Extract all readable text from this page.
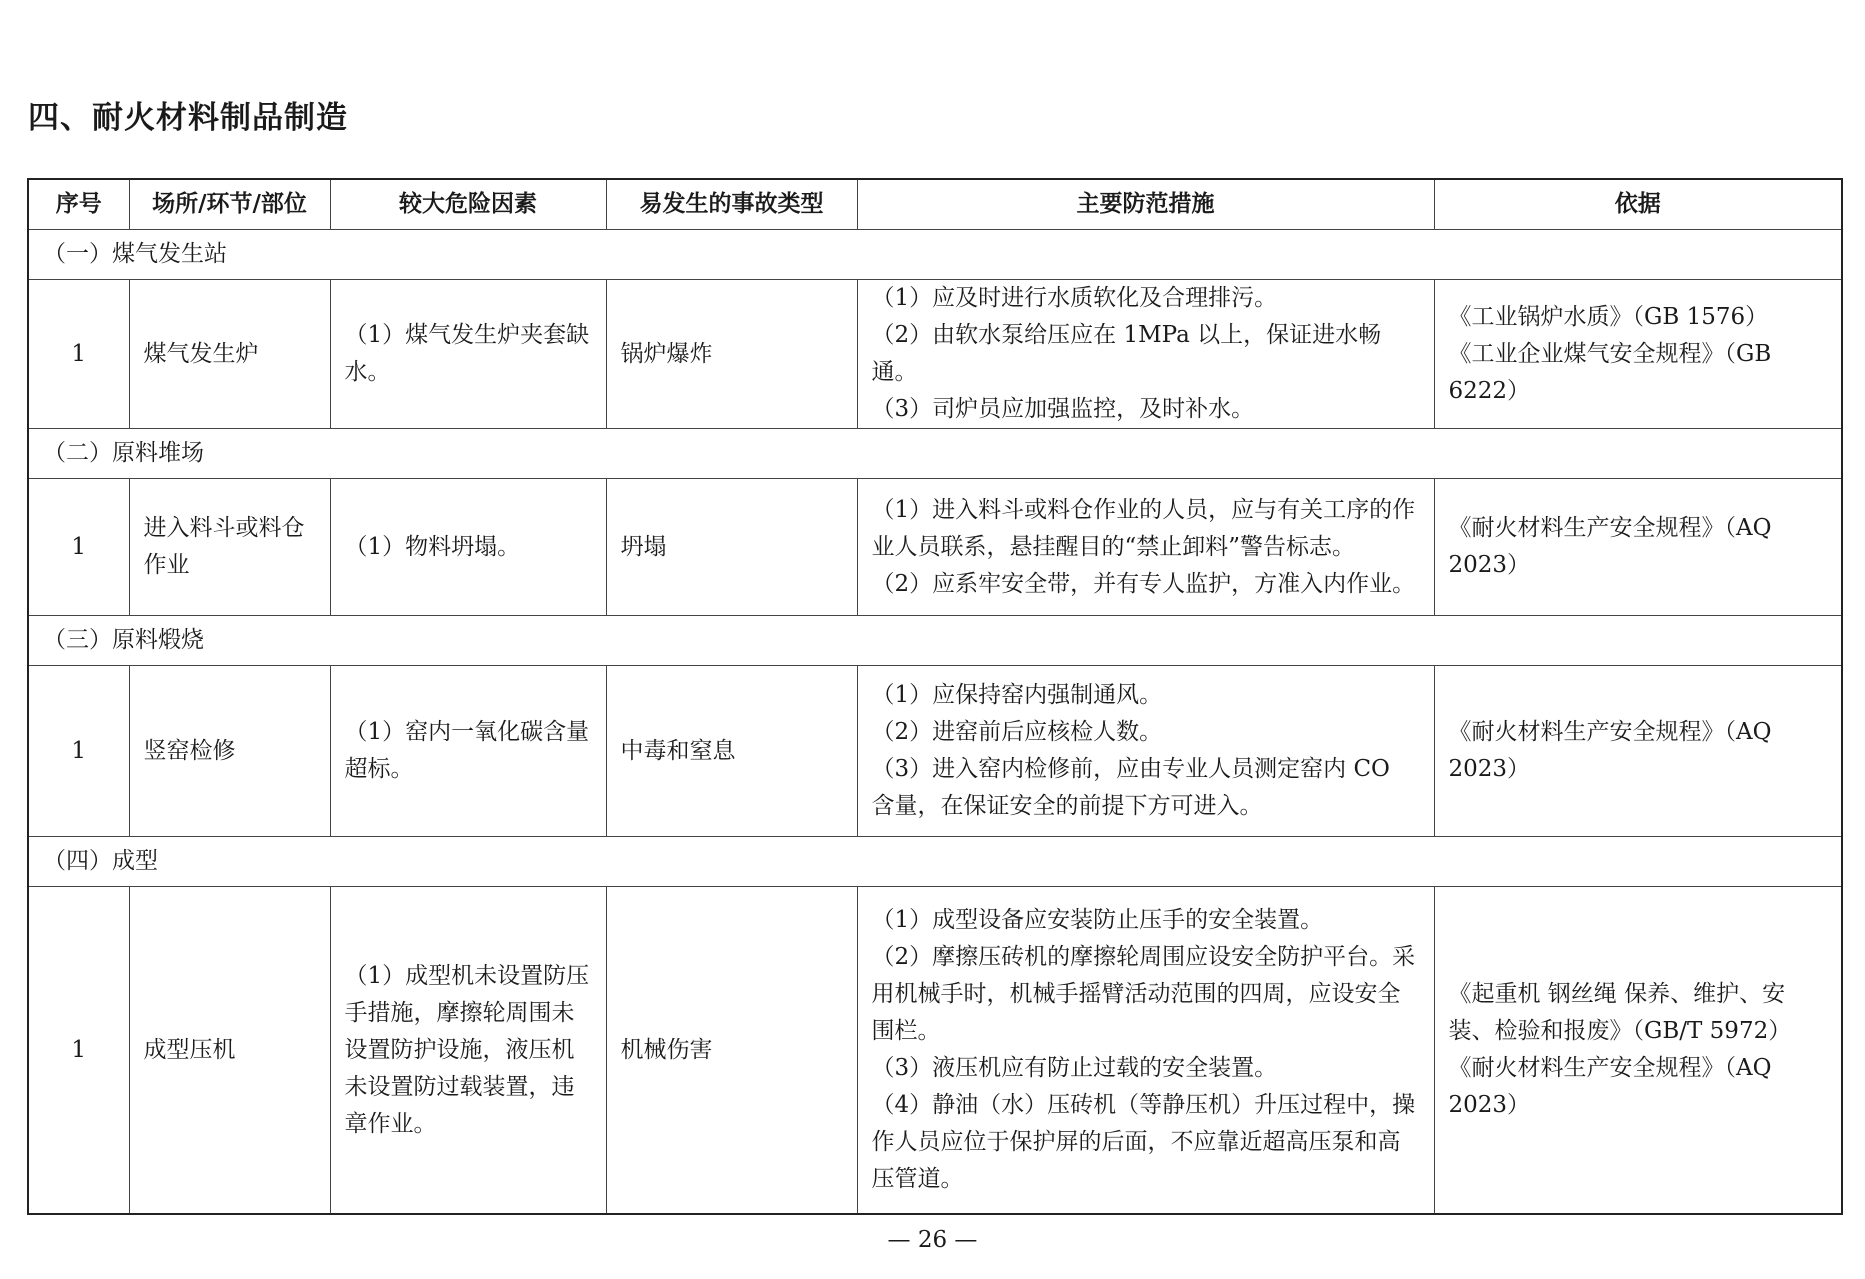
四、耐火材料制品制造
序号	场所/环节/部位	较大危险因素	易发生的事故类型	主要防范措施	依据
（一）煤气发生站					
1	煤气发生炉	（1）煤气发生炉夹套缺水。	锅炉爆炸	（1）应及时进行水质软化及合理排污。
（2）由软水泵给压应在 1MPa 以上，保证进水畅通。
（3）司炉员应加强监控，及时补水。	《工业锅炉水质》（GB 1576）
《工业企业煤气安全规程》（GB 6222）

（二）原料堆场					
1	进入料斗或料仓作业	（1）物料坍塌。	坍塌	（1）进入料斗或料仓作业的人员，应与有关工序的作业人员联系，悬挂醒目的“禁止卸料”警告标志。
（2）应系牢安全带，并有专人监护，方准入内作业。	《耐火材料生产安全规程》（AQ 2023）

（三）原料煅烧					
1	竖窑检修	（1）窑内一氧化碳含量超标。	中毒和窒息	（1）应保持窑内强制通风。
（2）进窑前后应核检人数。
（3）进入窑内检修前，应由专业人员测定窑内 CO 含量，在保证安全的前提下方可进入。	《耐火材料生产安全规程》（AQ 2023）

（四）成型					
1	成型压机	（1）成型机未设置防压手措施，摩擦轮周围未设置防护设施，液压机未设置防过载装置，违章作业。	机械伤害	（1）成型设备应安装防止压手的安全装置。
（2）摩擦压砖机的摩擦轮周围应设安全防护平台。采用机械手时，机械手摇臂活动范围的四周，应设安全围栏。
（3）液压机应有防止过载的安全装置。
（4）静油（水）压砖机（等静压机）升压过程中，操作人员应位于保护屏的后面，不应靠近超高压泵和高压管道。	《起重机 钢丝绳 保养、维护、安装、检验和报废》（GB/T 5972）
《耐火材料生产安全规程》（AQ 2023）
— 26 —
